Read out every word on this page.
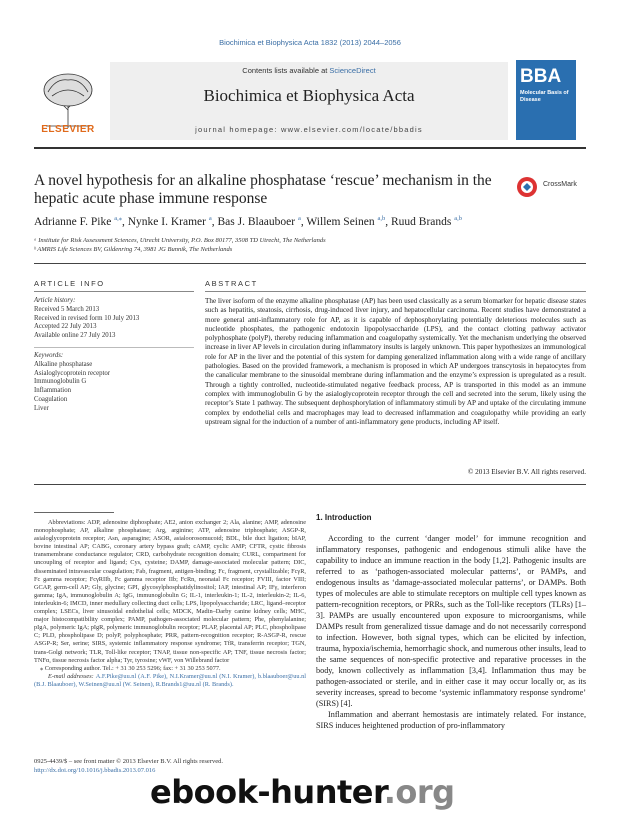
Biochimica et Biophysica Acta 1832 (2013) 2044–2056
ELSEVIER
Contents lists available at ScienceDirect
Biochimica et Biophysica Acta
journal homepage: www.elsevier.com/locate/bbadis
BBA
Molecular Basis of Disease
A novel hypothesis for an alkaline phosphatase ‘rescue’ mechanism in the hepatic acute phase immune response
CrossMark
Adrianne F. Pike $^{a,⁎}$, Nynke I. Kramer $^a$, Bas J. Blaauboer $^a$, Willem Seinen $^{a,b}$, Ruud Brands $^{a,b}$
ᵃ Institute for Risk Assessment Sciences, Utrecht University, P.O. Box 80177, 3508 TD Utrecht, The Netherlands
ᵇ AMRIS Life Sciences BV, Gildenring 74, 3981 JG Bunnik, The Netherlands
ARTICLE INFO	ABSTRACT
Article history:
Received 5 March 2013
Received in revised form 10 July 2013
Accepted 22 July 2013
Available online 27 July 2013
Keywords:
Alkaline phosphatase
Asialoglycoprotein receptor
Immunoglobulin G
Inflammation
Coagulation
Liver
The liver isoform of the enzyme alkaline phosphatase (AP) has been used classically as a serum biomarker for hepatic disease states such as hepatitis, steatosis, cirrhosis, drug-induced liver injury, and hepatocellular carcinoma. Recent studies have demonstrated a more general anti-inflammatory role for AP, as it is capable of dephosphorylating potentially deleterious molecules such as nucleotide phosphates, the pathogenic endotoxin lipopolysaccharide (LPS), and the contact clotting pathway activator polyphosphate (polyP), thereby reducing inflammation and coagulopathy systemically. Yet the mechanism underlying the observed increase in liver AP levels in circulation during inflammatory insults is largely unknown. This paper hypothesizes an immunological role for AP in the liver and the potential of this system for damping generalized inflammation along with a wide range of ancillary pathologies. Based on the provided framework, a mechanism is proposed in which AP undergoes transcytosis in hepatocytes from the canalicular membrane to the sinusoidal membrane during inflammation and the enzyme’s expression is upregulated as a result. Through a tightly controlled, nucleotide-stimulated negative feedback process, AP is transported in this model as an immune complex with immunoglobulin G by the asialoglycoprotein receptor through the cell and secreted into the serum, likely using the receptor’s State 1 pathway. The subsequent dephosphorylation of inflammatory stimuli by AP and uptake of the circulating immune complex by endothelial cells and macrophages may lead to decreased inflammation and coagulopathy while providing an early upstream signal for the induction of a number of anti-inflammatory gene products, including AP itself.
© 2013 Elsevier B.V. All rights reserved.
Abbreviations: ADP, adenosine diphosphate; AE2, anion exchanger 2; Ala, alanine; AMP, adenosine monophosphate; AP, alkaline phosphatase; Arg, arginine; ATP, adenosine triphosphate; ASGP-R, asialoglycoprotein receptor; Asn, asparagine; ASOR, asialoorosomucoid; BDL, bile duct ligation; bIAP, bovine intestinal AP; CABG, coronary artery bypass graft; cAMP, cyclic AMP; CFTR, cystic fibrosis transmembrane conductance regulator; CRD, carbohydrate recognition domain; CURL, compartment for uncoupling of receptor and ligand; Cys, cysteine; DAMP, damage-associated molecular pattern; DIC, disseminated intravascular coagulation; Fab, fragment, antigen-binding; Fc, fragment, crystallizable; FcγR, Fc gamma receptor; FcγRIIb, Fc gamma receptor IIb; FcRn, neonatal Fc receptor; FVIII, factor VIII; GCAP, germ-cell AP; Gly, glycine; GPI, glycosylphosphatidylinositol; IAP, intestinal AP; IFγ, interferon gamma; IgA, immunoglobulin A; IgG, immunoglobulin G; IL-1, interleukin-1; IL-2, interleukin-2; IL-6, interleukin-6; IMCD, inner medullary collecting duct cells; LPS, lipopolysaccharide; LRC, ligand–receptor complex; LSECs, liver sinusoidal endothelial cells; MDCK, Madin–Darby canine kidney cells; MHC, major histocompatibility complex; PAMP, pathogen-associated molecular pattern; Phe, phenylalanine; pIgA, polymeric IgA; pIgR, polymeric immunoglobulin receptor; PLAP, placental AP; PLC, phospholipase C; PLD, phospholipase D; polyP, polyphosphate; PRR, pattern-recognition receptor; R-ASGP-R, rescue ASGP-R; Ser, serine; SIRS, systemic inflammatory response syndrome; TfR, transferrin receptor; TGN, trans-Golgi network; TLR, Toll-like receptor; TNAP, tissue non-specific AP; TNF, tissue necrosis factor; TNFα, tissue necrosis factor alpha; Tyr, tyrosine; vWF, von Willebrand factor
⁎ Corresponding author. Tel.: + 31 30 253 5296; fax: + 31 30 253 5077.
E-mail addresses: A.F.Pike@uu.nl (A.F. Pike), N.I.Kramer@uu.nl (N.I. Kramer), b.blaauboer@uu.nl (B.J. Blaauboer), W.Seinen@uu.nl (W. Seinen), R.Brands1@uu.nl (R. Brands).
1. Introduction
According to the current ‘danger model’ for immune recognition and inflammatory responses, pathogenic and endogenous stimuli alike have the capability to induce an immune reaction in the body [1,2]. Pathogenic insults are referred to as ‘pathogen-associated molecular patterns’, or PAMPs, and endogenous insults as ‘damage-associated molecular patterns’, or DAMPs. Both types of molecules are able to stimulate receptors on multiple cell types known as pattern-recognition receptors, or PRRs, such as the Toll-like receptors (TLRs) [1–3]. PAMPs are usually encountered upon exposure to microorganisms, while DAMPs result from generalized tissue damage and do not necessarily correspond to infection. However, both signal types, which can be elicited by infection, trauma, hypoxia/ischemia, hemorrhagic shock, and numerous other insults, lead to the same sequences of non-specific protective and reparative processes in the body, known collectively as inflammation [3,4]. Inflammation thus may be pathogen-associated or sterile, and in either case it may occur locally or, as its severity increases, spread to become ‘systemic inflammatory response syndrome’ (SIRS) [4].
Inflammation and aberrant hemostasis are intimately related. For instance, SIRS induces heightened production of pro-inflammatory
0925-4439/$ – see front matter © 2013 Elsevier B.V. All rights reserved.
http://dx.doi.org/10.1016/j.bbadis.2013.07.016
ebook-hunter.org
